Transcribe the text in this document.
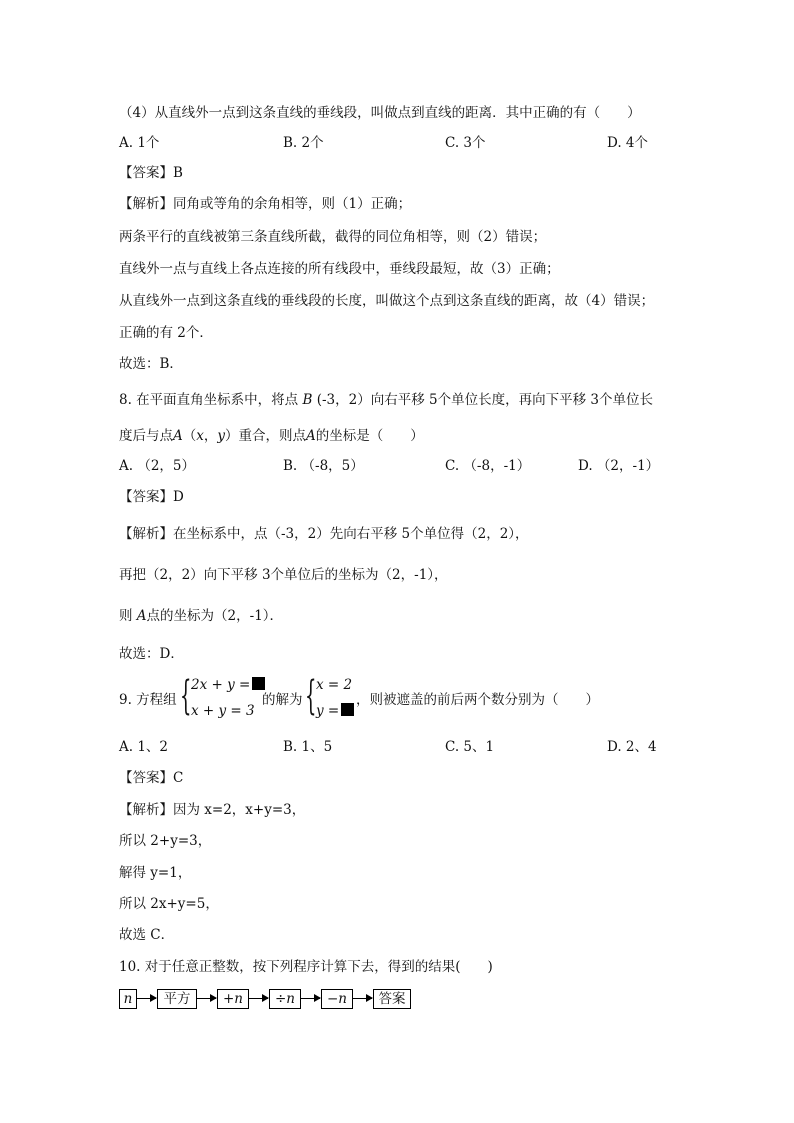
（4）从直线外一点到这条直线的垂线段，叫做点到直线的距离．其中正确的有（　　）
A. 1个	B. 2个	C. 3个	D. 4个
【答案】B
【解析】同角或等角的余角相等，则（1）正确；
两条平行的直线被第三条直线所截，截得的同位角相等，则（2）错误；
直线外一点与直线上各点连接的所有线段中，垂线段最短，故（3）正确；
从直线外一点到这条直线的垂线段的长度，叫做这个点到这条直线的距离，故（4）错误；
正确的有 2个．
故选：B．
8. 在平面直角坐标系中，将点 B (-3，2）向右平移 5个单位长度，再向下平移 3个单位长
度后与点A（x，y）重合，则点A的坐标是（　　）
A. （2，5）	B. （-8，5）	C. （-8，-1）	D. （2，-1）
【答案】D
【解析】在坐标系中，点（-3，2）先向右平移 5个单位得（2，2），
再把（2，2）向下平移 3个单位后的坐标为（2，-1），
则 A点的坐标为（2，-1）．
故选：D．
9. 方程组 { 2x + y =
x + y = 3
的解为 { x = 2
y =
，则被遮盖的前后两个数分别为（　　）
A. 1、2	B. 1、5	C. 5、1	D. 2、4
【答案】C
【解析】因为 x=2，x+y=3，
所以 2+y=3，
解得 y=1，
所以 2x+y=5，
故选 C．
10. 对于任意正整数，按下列程序计算下去，得到的结果(　　)
n	平方	+n	÷n	−n	答案
